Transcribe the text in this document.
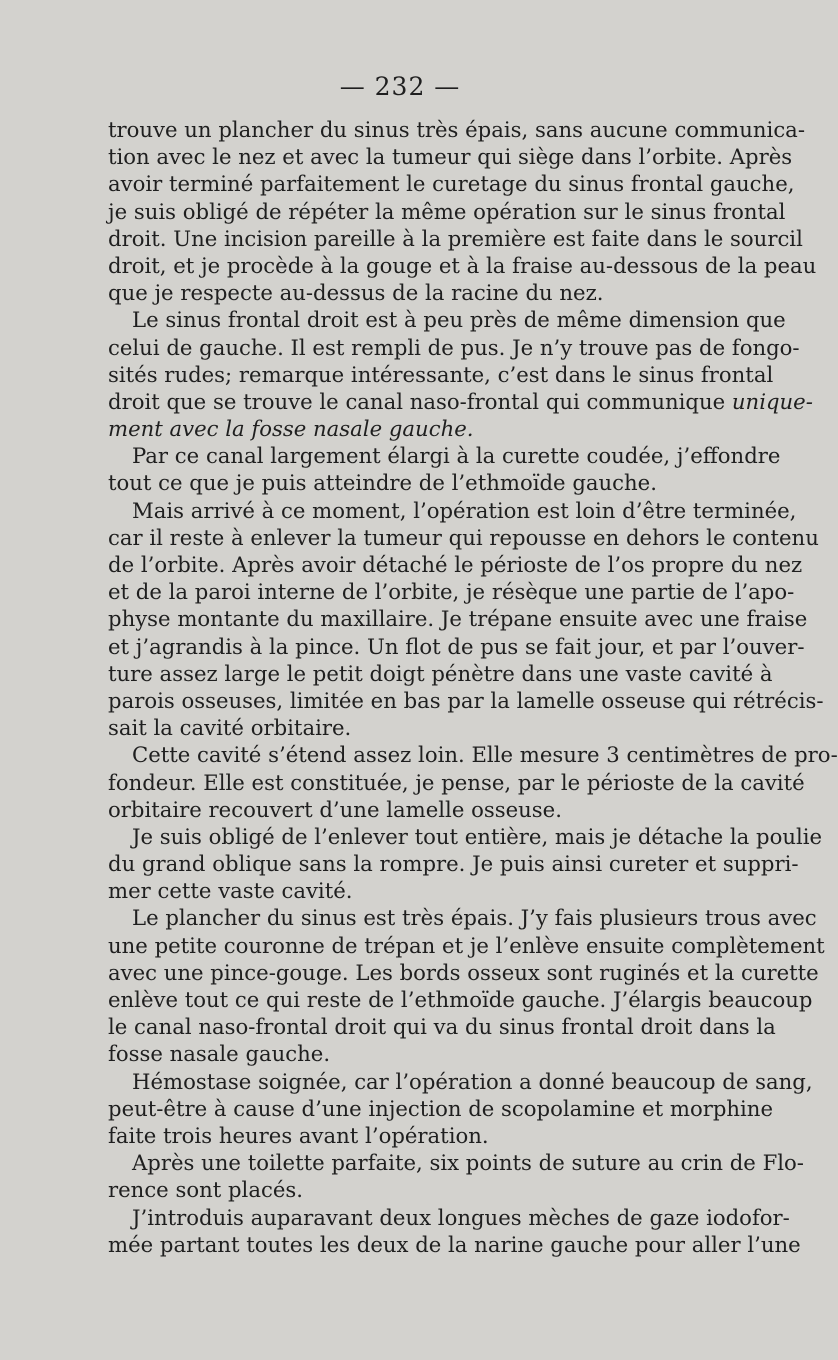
— 232 —
trouve un plancher du sinus très épais, sans aucune communica-
tion avec le nez et avec la tumeur qui siège dans l’orbite. Après
avoir terminé parfaitement le curetage du sinus frontal gauche,
je suis obligé de répéter la même opération sur le sinus frontal
droit. Une incision pareille à la première est faite dans le sourcil
droit, et je procède à la gouge et à la fraise au-dessous de la peau
que je respecte au-dessus de la racine du nez.
Le sinus frontal droit est à peu près de même dimension que
celui de gauche. Il est rempli de pus. Je n’y trouve pas de fongo-
sités rudes; remarque intéressante, c’est dans le sinus frontal
droit que se trouve le canal naso-frontal qui communique unique-
ment avec la fosse nasale gauche.
Par ce canal largement élargi à la curette coudée, j’effondre
tout ce que je puis atteindre de l’ethmoïde gauche.
Mais arrivé à ce moment, l’opération est loin d’être terminée,
car il reste à enlever la tumeur qui repousse en dehors le contenu
de l’orbite. Après avoir détaché le périoste de l’os propre du nez
et de la paroi interne de l’orbite, je résèque une partie de l’apo-
physe montante du maxillaire. Je trépane ensuite avec une fraise
et j’agrandis à la pince. Un flot de pus se fait jour, et par l’ouver-
ture assez large le petit doigt pénètre dans une vaste cavité à
parois osseuses, limitée en bas par la lamelle osseuse qui rétrécis-
sait la cavité orbitaire.
Cette cavité s’étend assez loin. Elle mesure 3 centimètres de pro-
fondeur. Elle est constituée, je pense, par le périoste de la cavité
orbitaire recouvert d’une lamelle osseuse.
Je suis obligé de l’enlever tout entière, mais je détache la poulie
du grand oblique sans la rompre. Je puis ainsi cureter et suppri-
mer cette vaste cavité.
Le plancher du sinus est très épais. J’y fais plusieurs trous avec
une petite couronne de trépan et je l’enlève ensuite complètement
avec une pince-gouge. Les bords osseux sont ruginés et la curette
enlève tout ce qui reste de l’ethmoïde gauche. J’élargis beaucoup
le canal naso-frontal droit qui va du sinus frontal droit dans la
fosse nasale gauche.
Hémostase soignée, car l’opération a donné beaucoup de sang,
peut-être à cause d’une injection de scopolamine et morphine
faite trois heures avant l’opération.
Après une toilette parfaite, six points de suture au crin de Flo-
rence sont placés.
J’introduis auparavant deux longues mèches de gaze iodofor-
mée partant toutes les deux de la narine gauche pour aller l’une
